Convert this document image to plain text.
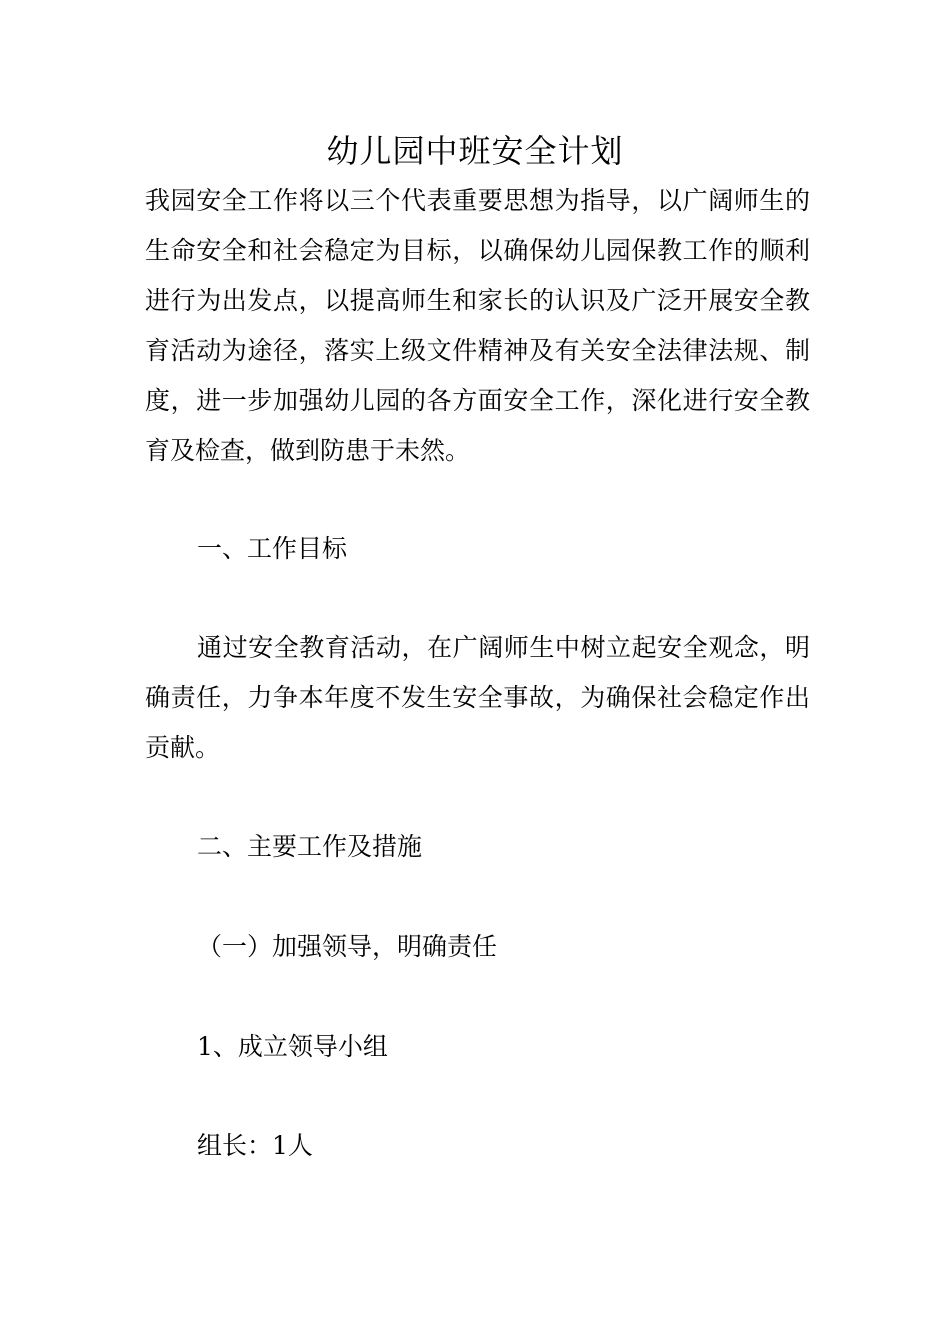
幼儿园中班安全计划

我园安全工作将以三个代表重要思想为指导，以广阔师生的生命安全和社会稳定为目标，以确保幼儿园保教工作的顺利进行为出发点，以提高师生和家长的认识及广泛开展安全教育活动为途径，落实上级文件精神及有关安全法律法规、制度，进一步加强幼儿园的各方面安全工作，深化进行安全教育及检查，做到防患于未然。

一、工作目标

通过安全教育活动，在广阔师生中树立起安全观念，明确责任，力争本年度不发生安全事故，为确保社会稳定作出贡献。

二、主要工作及措施

（一）加强领导，明确责任

1、成立领导小组

组长：1人
